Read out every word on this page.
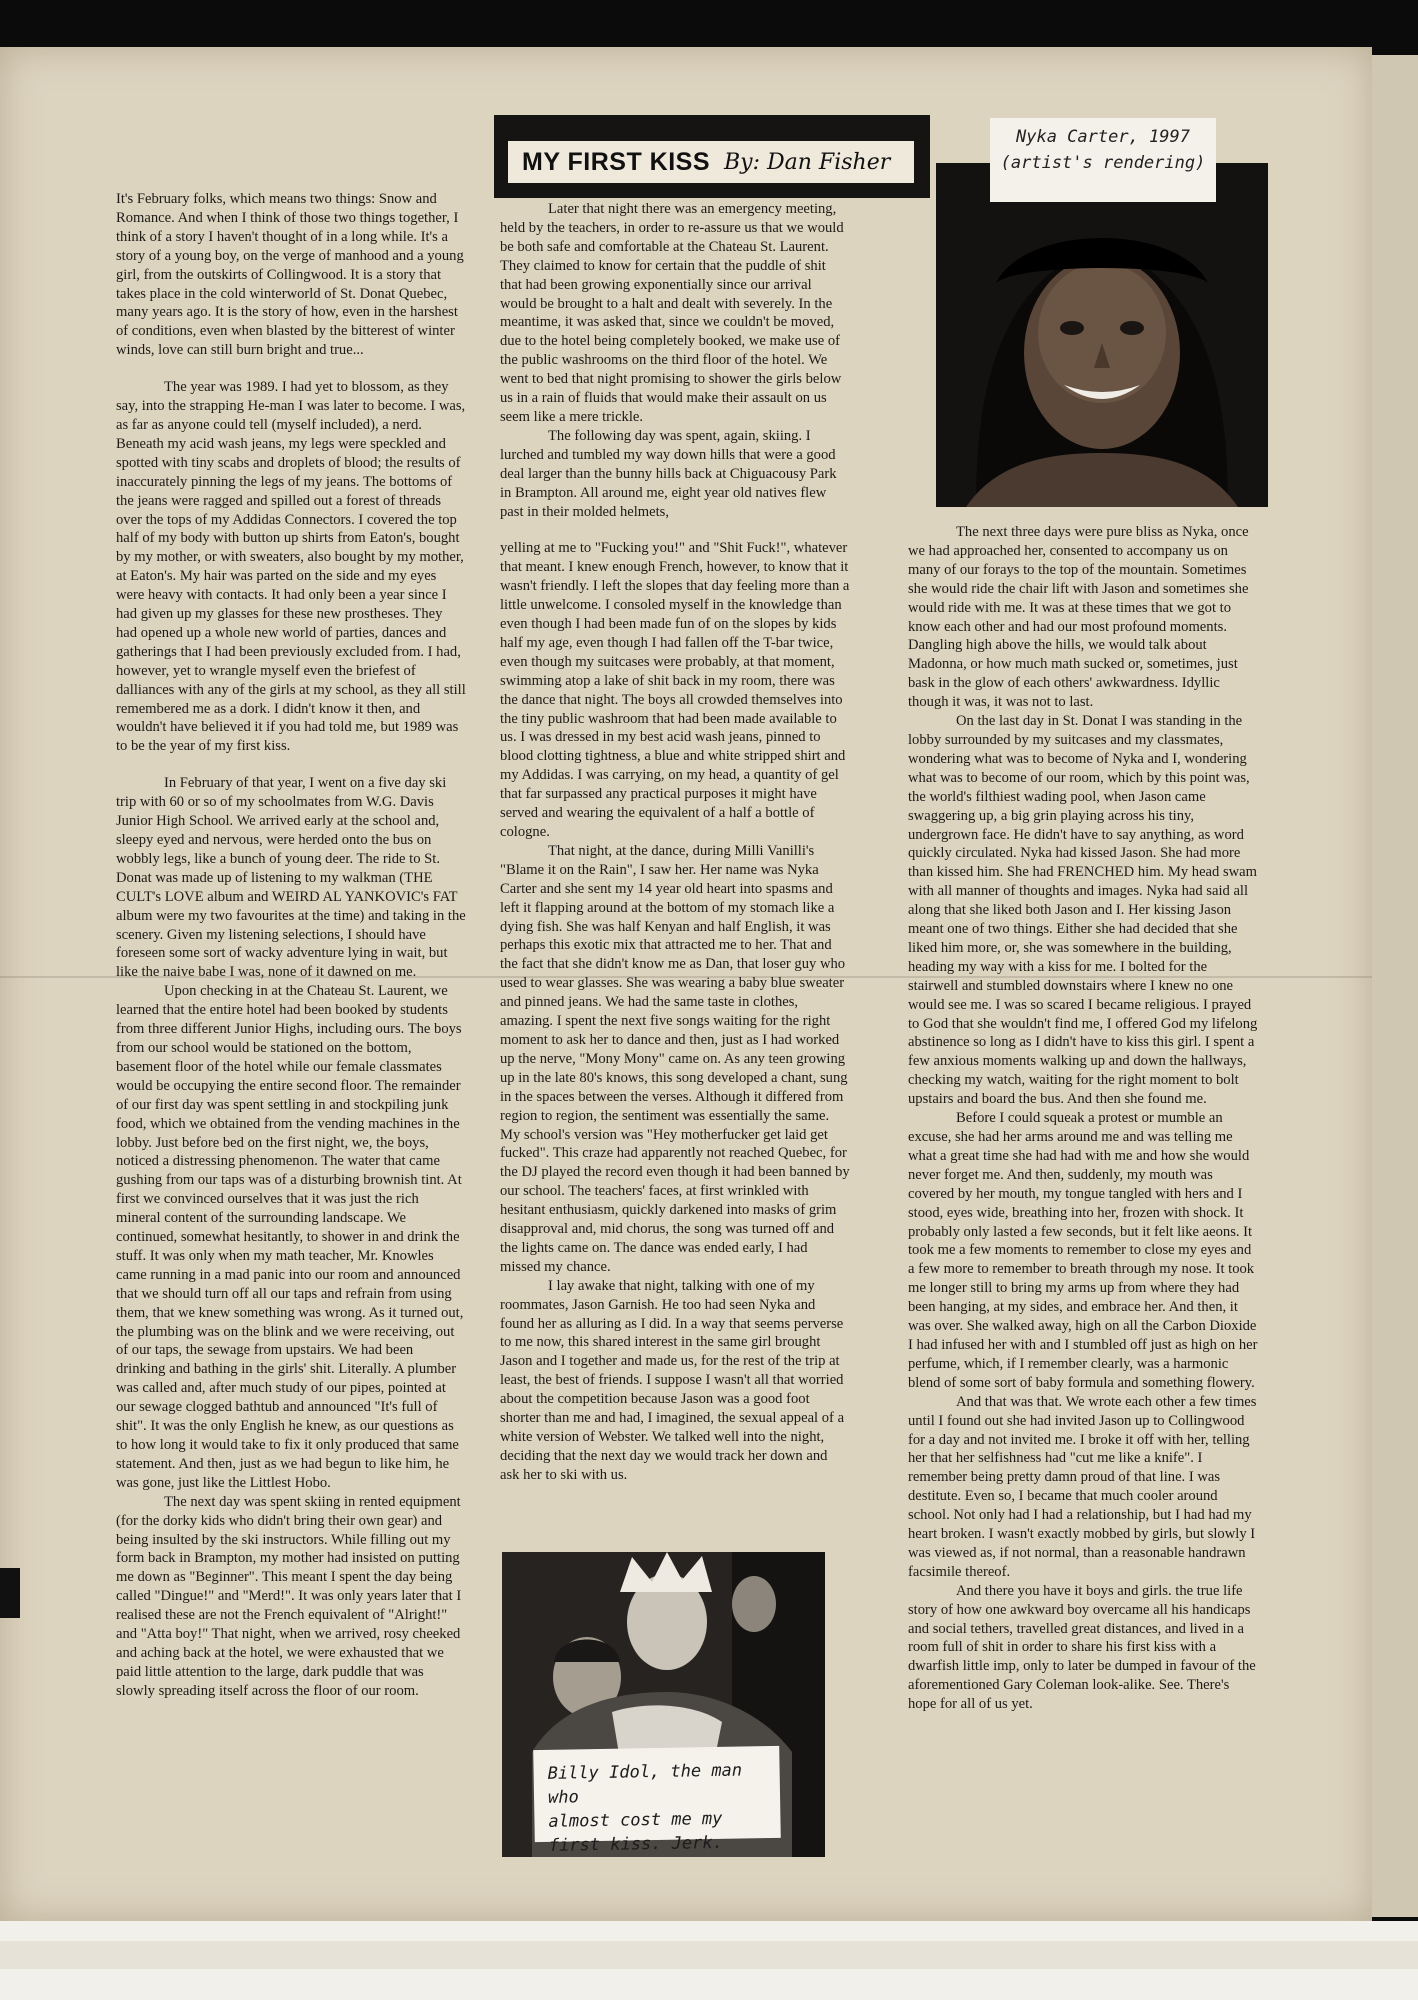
MY FIRST KISS By: Dan Fisher

It's February folks, which means two things: Snow and Romance. And when I think of those two things together, I think of a story I haven't thought of in a long while. It's a story of a young boy, on the verge of manhood and a young girl, from the outskirts of Collingwood. It is a story that takes place in the cold winterworld of St. Donat Quebec, many years ago. It is the story of how, even in the harshest of conditions, even when blasted by the bitterest of winter winds, love can still burn bright and true...

The year was 1989. I had yet to blossom, as they say, into the strapping He-man I was later to become. I was, as far as anyone could tell (myself included), a nerd. Beneath my acid wash jeans, my legs were speckled and spotted with tiny scabs and droplets of blood; the results of inaccurately pinning the legs of my jeans. The bottoms of the jeans were ragged and spilled out a forest of threads over the tops of my Addidas Connectors. I covered the top half of my body with button up shirts from Eaton's, bought by my mother, or with sweaters, also bought by my mother, at Eaton's. My hair was parted on the side and my eyes were heavy with contacts. It had only been a year since I had given up my glasses for these new prostheses. They had opened up a whole new world of parties, dances and gatherings that I had been previously excluded from. I had, however, yet to wrangle myself even the briefest of dalliances with any of the girls at my school, as they all still remembered me as a dork. I didn't know it then, and wouldn't have believed it if you had told me, but 1989 was to be the year of my first kiss.

In February of that year, I went on a five day ski trip with 60 or so of my schoolmates from W.G. Davis Junior High School. We arrived early at the school and, sleepy eyed and nervous, were herded onto the bus on wobbly legs, like a bunch of young deer. The ride to St. Donat was made up of listening to my walkman (THE CULT's LOVE album and WEIRD AL YANKOVIC's FAT album were my two favourites at the time) and taking in the scenery. Given my listening selections, I should have foreseen some sort of wacky adventure lying in wait, but like the naive babe I was, none of it dawned on me.

Upon checking in at the Chateau St. Laurent, we learned that the entire hotel had been booked by students from three different Junior Highs, including ours. The boys from our school would be stationed on the bottom, basement floor of the hotel while our female classmates would be occupying the entire second floor. The remainder of our first day was spent settling in and stockpiling junk food, which we obtained from the vending machines in the lobby. Just before bed on the first night, we, the boys, noticed a distressing phenomenon. The water that came gushing from our taps was of a disturbing brownish tint. At first we convinced ourselves that it was just the rich mineral content of the surrounding landscape. We continued, somewhat hesitantly, to shower in and drink the stuff. It was only when my math teacher, Mr. Knowles came running in a mad panic into our room and announced that we should turn off all our taps and refrain from using them, that we knew something was wrong. As it turned out, the plumbing was on the blink and we were receiving, out of our taps, the sewage from upstairs. We had been drinking and bathing in the girls' shit. Literally. A plumber was called and, after much study of our pipes, pointed at our sewage clogged bathtub and announced "It's full of shit". It was the only English he knew, as our questions as to how long it would take to fix it only produced that same statement. And then, just as we had begun to like him, he was gone, just like the Littlest Hobo.

The next day was spent skiing in rented equipment (for the dorky kids who didn't bring their own gear) and being insulted by the ski instructors. While filling out my form back in Brampton, my mother had insisted on putting me down as "Beginner". This meant I spent the day being called "Dingue!" and "Merd!". It was only years later that I realised these are not the French equivalent of "Alright!" and "Atta boy!" That night, when we arrived, rosy cheeked and aching back at the hotel, we were exhausted that we paid little attention to the large, dark puddle that was slowly spreading itself across the floor of our room.

Later that night there was an emergency meeting, held by the teachers, in order to re-assure us that we would be both safe and comfortable at the Chateau St. Laurent. They claimed to know for certain that the puddle of shit that had been growing exponentially since our arrival would be brought to a halt and dealt with severely. In the meantime, it was asked that, since we couldn't be moved, due to the hotel being completely booked, we make use of the public washrooms on the third floor of the hotel. We went to bed that night promising to shower the girls below us in a rain of fluids that would make their assault on us seem like a mere trickle.

The following day was spent, again, skiing. I lurched and tumbled my way down hills that were a good deal larger than the bunny hills back at Chiguacousy Park in Brampton. All around me, eight year old natives flew past in their molded helmets,

yelling at me to "Fucking you!" and "Shit Fuck!", whatever that meant. I knew enough French, however, to know that it wasn't friendly. I left the slopes that day feeling more than a little unwelcome. I consoled myself in the knowledge than even though I had been made fun of on the slopes by kids half my age, even though I had fallen off the T-bar twice, even though my suitcases were probably, at that moment, swimming atop a lake of shit back in my room, there was the dance that night. The boys all crowded themselves into the tiny public washroom that had been made available to us. I was dressed in my best acid wash jeans, pinned to blood clotting tightness, a blue and white stripped shirt and my Addidas. I was carrying, on my head, a quantity of gel that far surpassed any practical purposes it might have served and wearing the equivalent of a half a bottle of cologne.

That night, at the dance, during Milli Vanilli's "Blame it on the Rain", I saw her. Her name was Nyka Carter and she sent my 14 year old heart into spasms and left it flapping around at the bottom of my stomach like a dying fish. She was half Kenyan and half English, it was perhaps this exotic mix that attracted me to her. That and the fact that she didn't know me as Dan, that loser guy who used to wear glasses. She was wearing a baby blue sweater and pinned jeans. We had the same taste in clothes, amazing. I spent the next five songs waiting for the right moment to ask her to dance and then, just as I had worked up the nerve, "Mony Mony" came on. As any teen growing up in the late 80's knows, this song developed a chant, sung in the spaces between the verses. Although it differed from region to region, the sentiment was essentially the same. My school's version was "Hey motherfucker get laid get fucked". This craze had apparently not reached Quebec, for the DJ played the record even though it had been banned by our school. The teachers' faces, at first wrinkled with hesitant enthusiasm, quickly darkened into masks of grim disapproval and, mid chorus, the song was turned off and the lights came on. The dance was ended early, I had missed my chance.

I lay awake that night, talking with one of my roommates, Jason Garnish. He too had seen Nyka and found her as alluring as I did. In a way that seems perverse to me now, this shared interest in the same girl brought Jason and I together and made us, for the rest of the trip at least, the best of friends. I suppose I wasn't all that worried about the competition because Jason was a good foot shorter than me and had, I imagined, the sexual appeal of a white version of Webster. We talked well into the night, deciding that the next day we would track her down and ask her to ski with us.

The next three days were pure bliss as Nyka, once we had approached her, consented to accompany us on many of our forays to the top of the mountain. Sometimes she would ride the chair lift with Jason and sometimes she would ride with me. It was at these times that we got to know each other and had our most profound moments. Dangling high above the hills, we would talk about Madonna, or how much math sucked or, sometimes, just bask in the glow of each others' awkwardness. Idyllic though it was, it was not to last.

On the last day in St. Donat I was standing in the lobby surrounded by my suitcases and my classmates, wondering what was to become of Nyka and I, wondering what was to become of our room, which by this point was, the world's filthiest wading pool, when Jason came swaggering up, a big grin playing across his tiny, undergrown face. He didn't have to say anything, as word quickly circulated. Nyka had kissed Jason. She had more than kissed him. She had FRENCHED him. My head swam with all manner of thoughts and images. Nyka had said all along that she liked both Jason and I. Her kissing Jason meant one of two things. Either she had decided that she liked him more, or, she was somewhere in the building, heading my way with a kiss for me. I bolted for the stairwell and stumbled downstairs where I knew no one would see me. I was so scared I became religious. I prayed to God that she wouldn't find me, I offered God my lifelong abstinence so long as I didn't have to kiss this girl. I spent a few anxious moments walking up and down the hallways, checking my watch, waiting for the right moment to bolt upstairs and board the bus. And then she found me.

Before I could squeak a protest or mumble an excuse, she had her arms around me and was telling me what a great time she had had with me and how she would never forget me. And then, suddenly, my mouth was covered by her mouth, my tongue tangled with hers and I stood, eyes wide, breathing into her, frozen with shock. It probably only lasted a few seconds, but it felt like aeons. It took me a few moments to remember to close my eyes and a few more to remember to breath through my nose. It took me longer still to bring my arms up from where they had been hanging, at my sides, and embrace her. And then, it was over. She walked away, high on all the Carbon Dioxide I had infused her with and I stumbled off just as high on her perfume, which, if I remember clearly, was a harmonic blend of some sort of baby formula and something flowery.

And that was that. We wrote each other a few times until I found out she had invited Jason up to Collingwood for a day and not invited me. I broke it off with her, telling her that her selfishness had "cut me like a knife". I remember being pretty damn proud of that line. I was destitute. Even so, I became that much cooler around school. Not only had I had a relationship, but I had had my heart broken. I wasn't exactly mobbed by girls, but slowly I was viewed as, if not normal, than a reasonable handrawn facsimile thereof.

And there you have it boys and girls. the true life story of how one awkward boy overcame all his handicaps and social tethers, travelled great distances, and lived in a room full of shit in order to share his first kiss with a dwarfish little imp, only to later be dumped in favour of the aforementioned Gary Coleman look-alike. See. There's hope for all of us yet.

Nyka Carter, 1997
(artist's rendering)
Billy Idol, the man who
almost cost me my
first kiss. Jerk.
